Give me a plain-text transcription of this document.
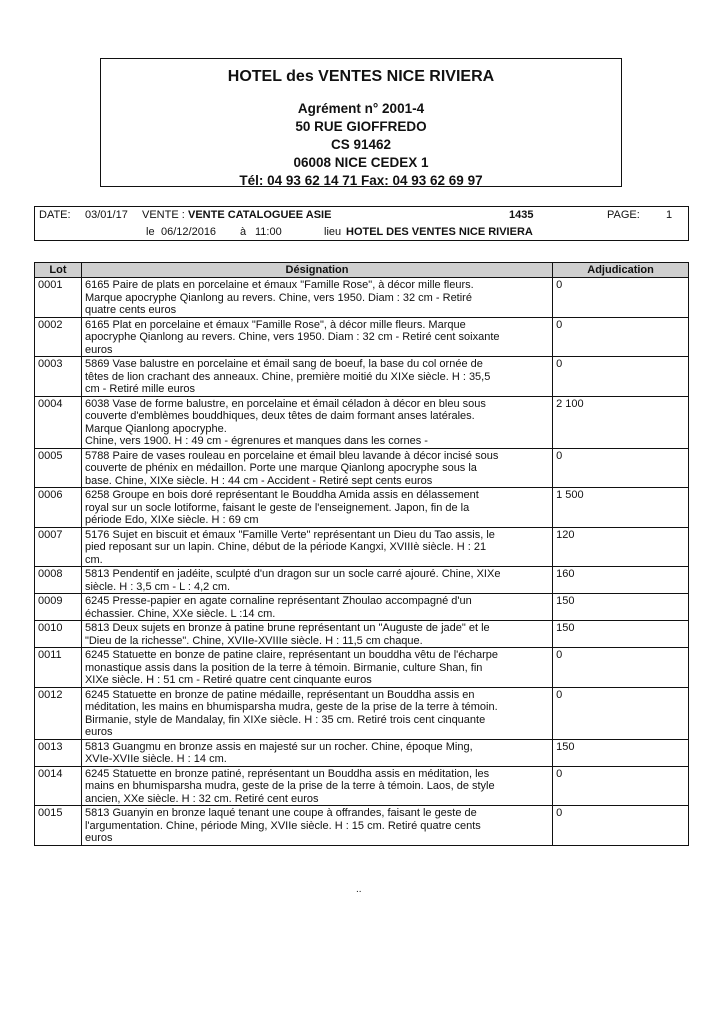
HOTEL des VENTES NICE RIVIERA
Agrément n° 2001-4
50 RUE GIOFFREDO
CS 91462
06008 NICE CEDEX 1
Tél: 04 93 62 14 71 Fax: 04 93 62 69 97
DATE: 03/01/17 VENTE : VENTE CATALOGUEE ASIE	1435	PAGE: 1
le 06/12/2016 à 11:00	lieu HOTEL DES VENTES NICE RIVIERA
Lot	Désignation	Adjudication
0001	6165 Paire de plats en porcelaine et émaux "Famille Rose", à décor mille fleurs.
Marque apocryphe Qianlong au revers. Chine, vers 1950. Diam : 32 cm - Retiré
quatre cents euros	0
0002	6165 Plat en porcelaine et émaux "Famille Rose", à décor mille fleurs. Marque
apocryphe Qianlong au revers. Chine, vers 1950. Diam : 32 cm - Retiré cent soixante
euros	0
0003	5869 Vase balustre en porcelaine et émail sang de boeuf, la base du col ornée de
têtes de lion crachant des anneaux. Chine, première moitié du XIXe siècle. H : 35,5
cm - Retiré mille euros	0
0004	6038 Vase de forme balustre, en porcelaine et émail céladon à décor en bleu sous
couverte d'emblèmes bouddhiques, deux têtes de daim formant anses latérales.
Marque Qianlong apocryphe.
Chine, vers 1900. H : 49 cm - égrenures et manques dans les cornes -	2 100
0005	5788 Paire de vases rouleau en porcelaine et émail bleu lavande à décor incisé sous
couverte de phénix en médaillon. Porte une marque Qianlong apocryphe sous la
base. Chine, XIXe siècle. H : 44 cm - Accident - Retiré sept cents euros	0
0006	6258 Groupe en bois doré représentant le Bouddha Amida assis en délassement
royal sur un socle lotiforme, faisant le geste de l'enseignement. Japon, fin de la
période Edo, XIXe siècle. H : 69 cm	1 500
0007	5176 Sujet en biscuit et émaux "Famille Verte" représentant un Dieu du Tao assis, le
pied reposant sur un lapin. Chine, début de la période Kangxi, XVIIIè siècle. H : 21
cm.	120
0008	5813 Pendentif en jadéite, sculpté d'un dragon sur un socle carré ajouré. Chine, XIXe
siècle. H : 3,5 cm - L : 4,2 cm.	160
0009	6245 Presse-papier en agate cornaline représentant Zhoulao accompagné d'un
échassier. Chine, XXe siècle. L :14 cm.	150
0010	5813 Deux sujets en bronze à patine brune représentant un "Auguste de jade" et le
"Dieu de la richesse". Chine, XVIIe-XVIIIe siècle. H : 11,5 cm chaque.	150
0011	6245 Statuette en bonze de patine claire, représentant un bouddha vêtu de l'écharpe
monastique assis dans la position de la terre à témoin. Birmanie, culture Shan, fin
XIXe siècle. H : 51 cm - Retiré quatre cent cinquante euros	0
0012	6245 Statuette en bronze de patine médaille, représentant un Bouddha assis en
méditation, les mains en bhumisparsha mudra, geste de la prise de la terre à témoin.
Birmanie, style de Mandalay, fin XIXe siècle. H : 35 cm. Retiré trois cent cinquante
euros	0
0013	5813 Guangmu en bronze assis en majesté sur un rocher. Chine, époque Ming,
XVIe-XVIIe siècle. H : 14 cm.	150
0014	6245 Statuette en bronze patiné, représentant un Bouddha assis en méditation, les
mains en bhumisparsha mudra, geste de la prise de la terre à témoin. Laos, de style
ancien, XXe siècle. H : 32 cm. Retiré cent euros	0
0015	5813 Guanyin en bronze laqué tenant une coupe à offrandes, faisant le geste de
l'argumentation. Chine, période Ming, XVIIe siècle. H : 15 cm. Retiré quatre cents
euros	0
..
